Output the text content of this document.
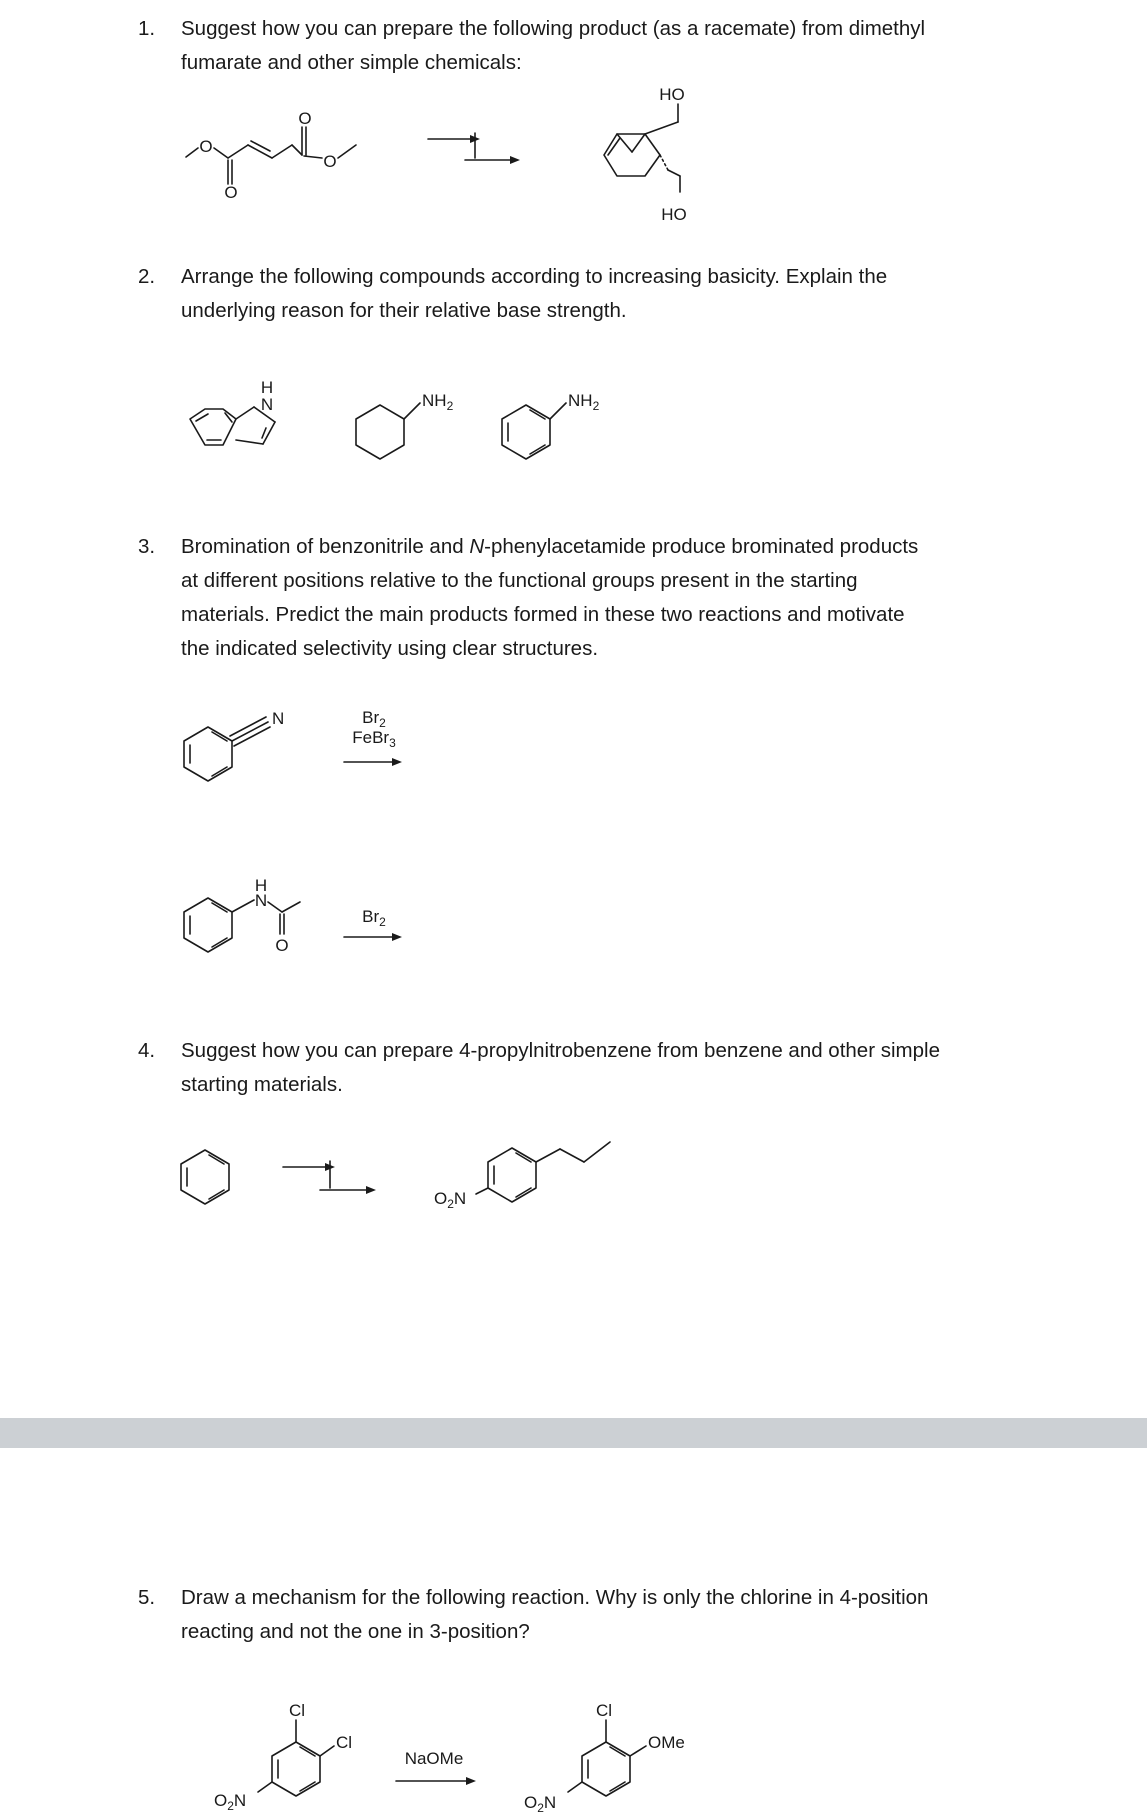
1. Suggest how you can prepare the following product (as a racemate) from dimethyl
fumarate and other simple chemicals:
O
O
O
O
HO
HO
2. Arrange the following compounds according to increasing basicity. Explain the
underlying reason for their relative base strength.
H
N	$NH_2$	$NH_2$
3. Bromination of benzonitrile and N-phenylacetamide produce brominated products
at different positions relative to the functional groups present in the starting
materials. Predict the main products formed in these two reactions and motivate
the indicated selectivity using clear structures.
N	$Br_2$
FeBr$_3$
H
N
O
$Br_2$
4. Suggest how you can prepare 4-propylnitrobenzene from benzene and other simple
starting materials.
$O_2N$
5. Draw a mechanism for the following reaction. Why is only the chlorine in 4-position
reacting and not the one in 3-position?
Cl
Cl
$O_2N$
NaOMe
Cl
OMe
$O_2N$
